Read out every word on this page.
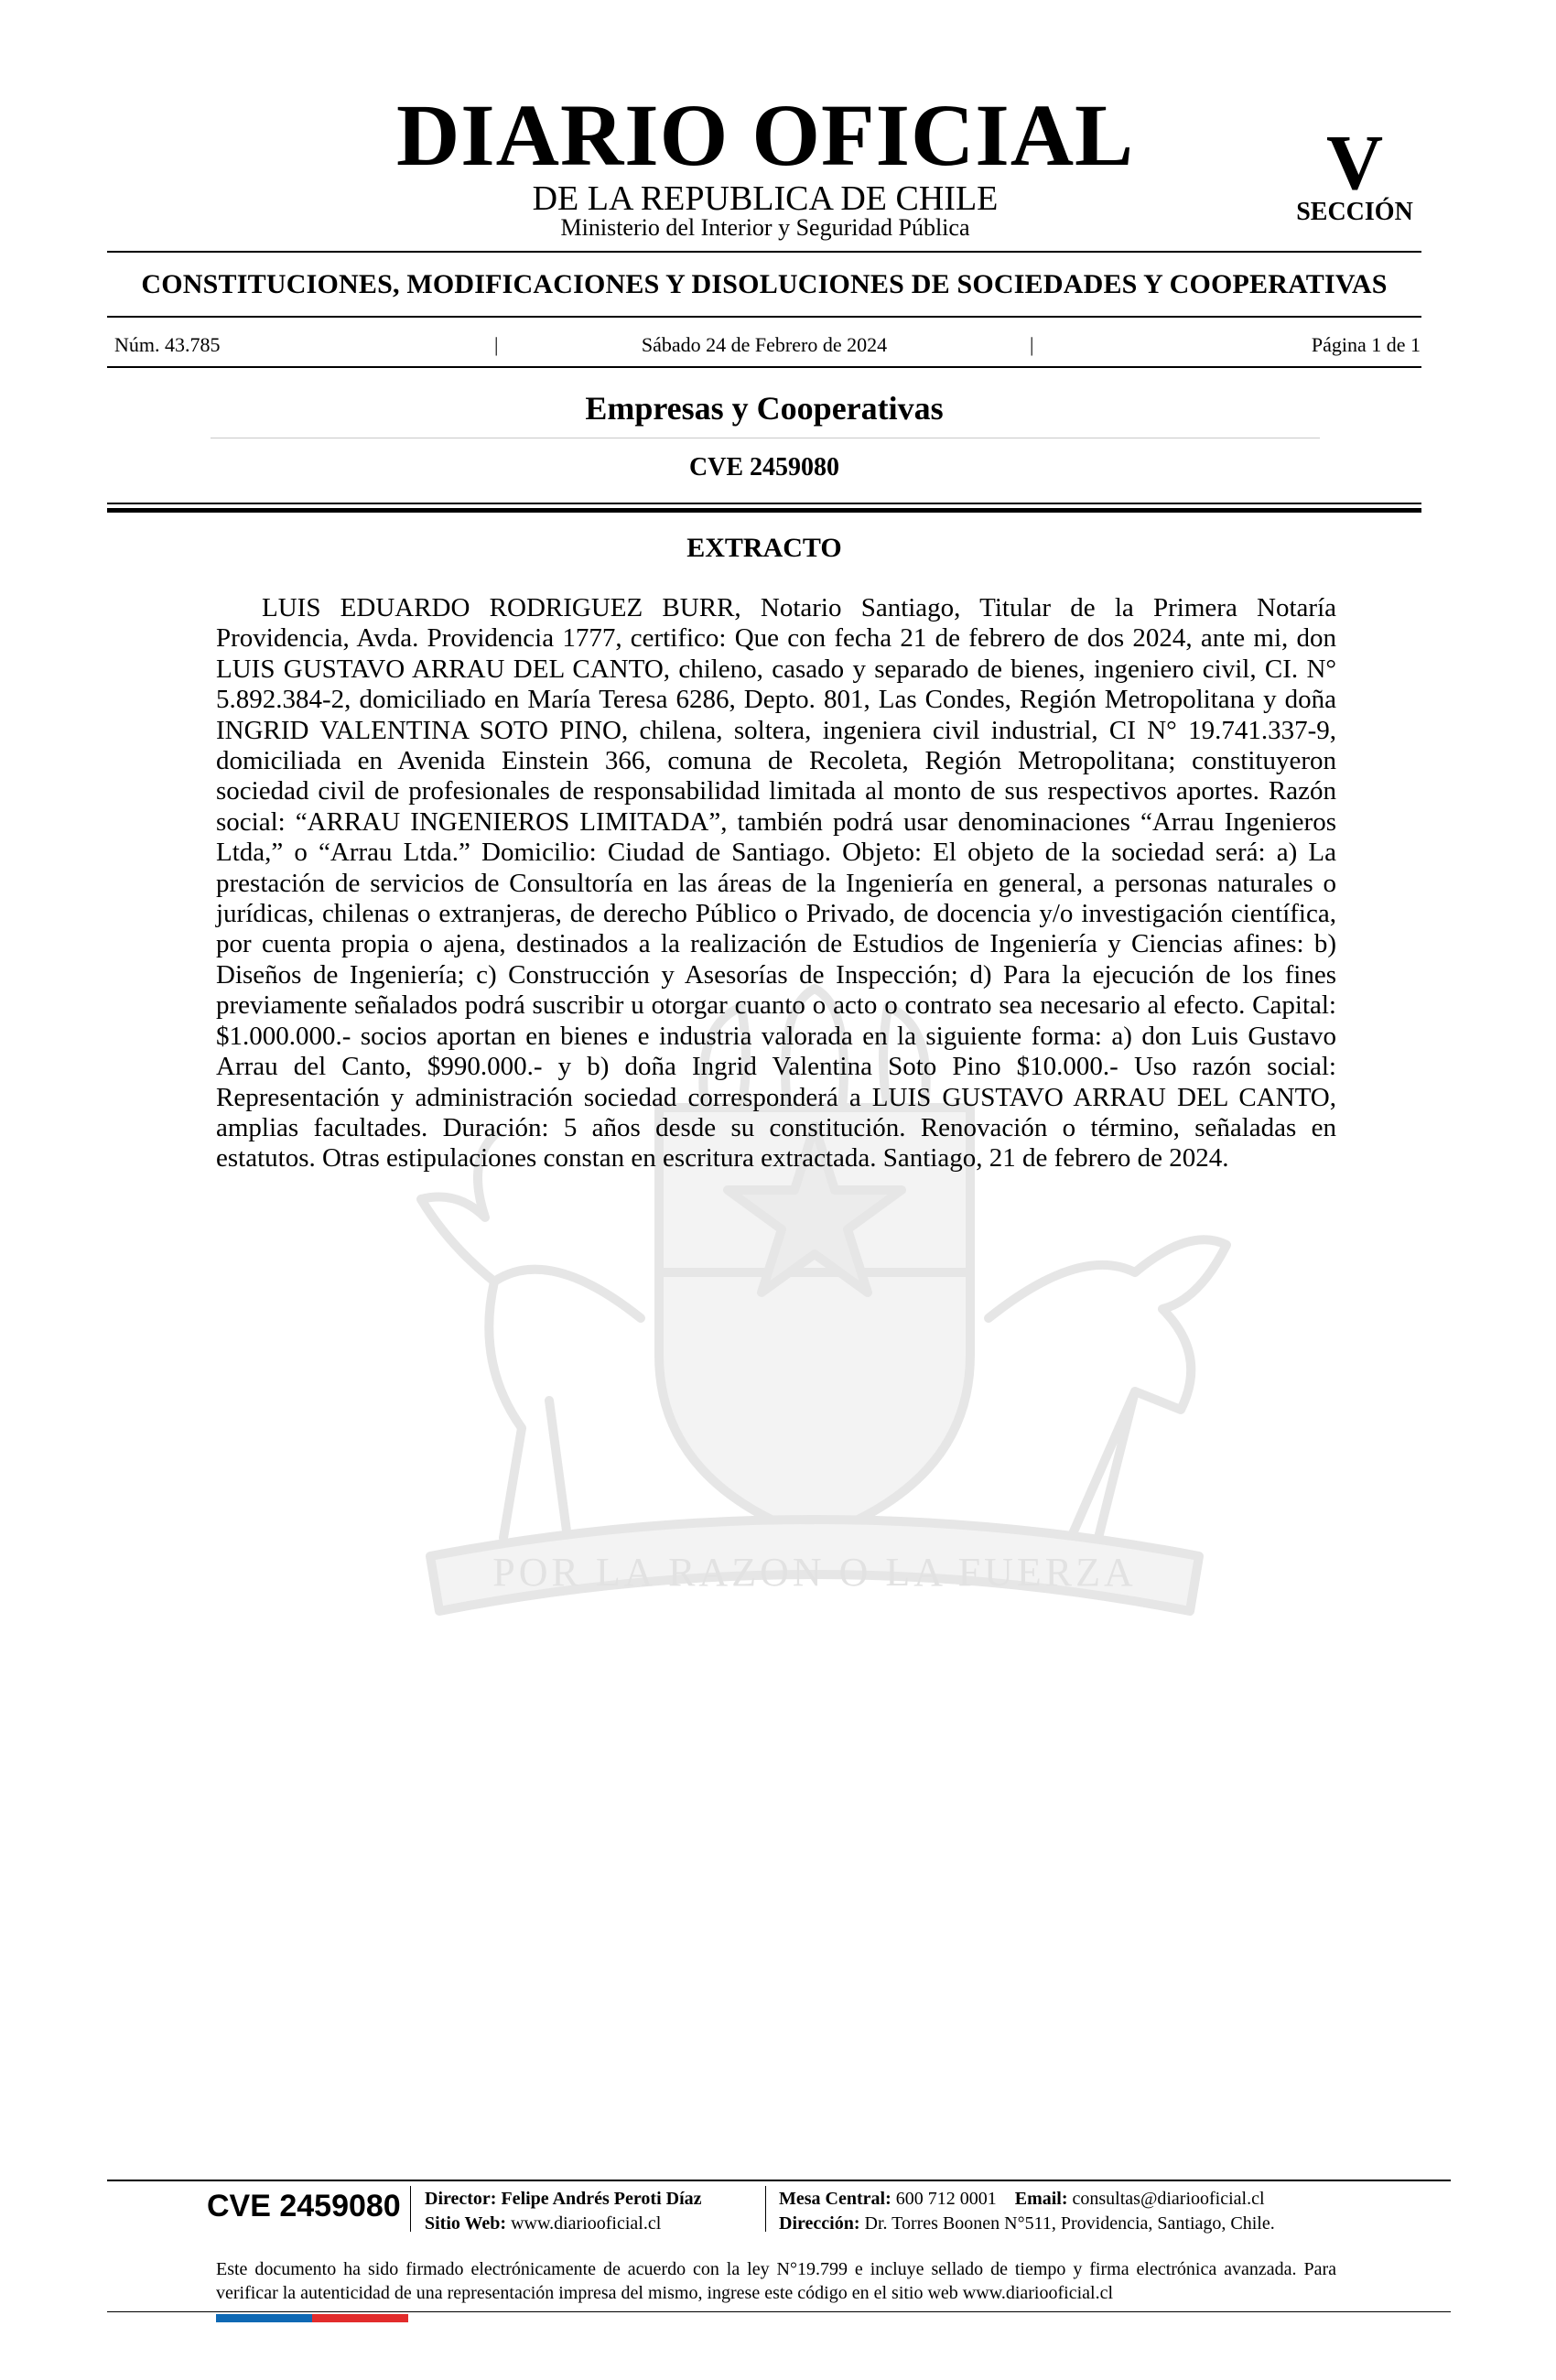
DIARIO OFICIAL
DE LA REPUBLICA DE CHILE
Ministerio del Interior y Seguridad Pública
V
SECCIÓN
CONSTITUCIONES, MODIFICACIONES Y DISOLUCIONES DE SOCIEDADES Y COOPERATIVAS
Núm. 43.785	|	Sábado 24 de Febrero de 2024	|	Página 1 de 1
Empresas y Cooperativas
CVE 2459080
POR LA RAZON O LA FUERZA
EXTRACTO

LUIS EDUARDO RODRIGUEZ BURR, Notario Santiago, Titular de la Primera Notaría Providencia, Avda. Providencia 1777, certifico: Que con fecha 21 de febrero de dos 2024, ante mi, don LUIS GUSTAVO ARRAU DEL CANTO, chileno, casado y separado de bienes, ingeniero civil, CI. N° 5.892.384-2, domiciliado en María Teresa 6286, Depto. 801, Las Condes, Región Metropolitana y doña INGRID VALENTINA SOTO PINO, chilena, soltera, ingeniera civil industrial, CI N° 19.741.337-9, domiciliada en Avenida Einstein 366, comuna de Recoleta, Región Metropolitana; constituyeron sociedad civil de profesionales de responsabilidad limitada al monto de sus respectivos aportes. Razón social: “ARRAU INGENIEROS LIMITADA”, también podrá usar denominaciones “Arrau Ingenieros Ltda,” o “Arrau Ltda.” Domicilio: Ciudad de Santiago. Objeto: El objeto de la sociedad será: a) La prestación de servicios de Consultoría en las áreas de la Ingeniería en general, a personas naturales o jurídicas, chilenas o extranjeras, de derecho Público o Privado, de docencia y/o investigación científica, por cuenta propia o ajena, destinados a la realización de Estudios de Ingeniería y Ciencias afines: b) Diseños de Ingeniería; c) Construcción y Asesorías de Inspección; d) Para la ejecución de los fines previamente señalados podrá suscribir u otorgar cuanto o acto o contrato sea necesario al efecto. Capital: $1.000.000.- socios aportan en bienes e industria valorada en la siguiente forma: a) don Luis Gustavo Arrau del Canto, $990.000.- y b) doña Ingrid Valentina Soto Pino $10.000.- Uso razón social: Representación y administración sociedad corresponderá a LUIS GUSTAVO ARRAU DEL CANTO, amplias facultades. Duración: 5 años desde su constitución. Renovación o término, señaladas en estatutos. Otras estipulaciones constan en escritura extractada. Santiago, 21 de febrero de 2024.

CVE 2459080 Director: Felipe Andrés Peroti Díaz
Sitio Web: www.diariooficial.cl
Mesa Central: 600 712 0001 Email: consultas@diariooficial.cl
Dirección: Dr. Torres Boonen N°511, Providencia, Santiago, Chile.

Este documento ha sido firmado electrónicamente de acuerdo con la ley N°19.799 e incluye sellado de tiempo y firma electrónica avanzada. Para verificar la autenticidad de una representación impresa del mismo, ingrese este código en el sitio web www.diariooficial.cl
